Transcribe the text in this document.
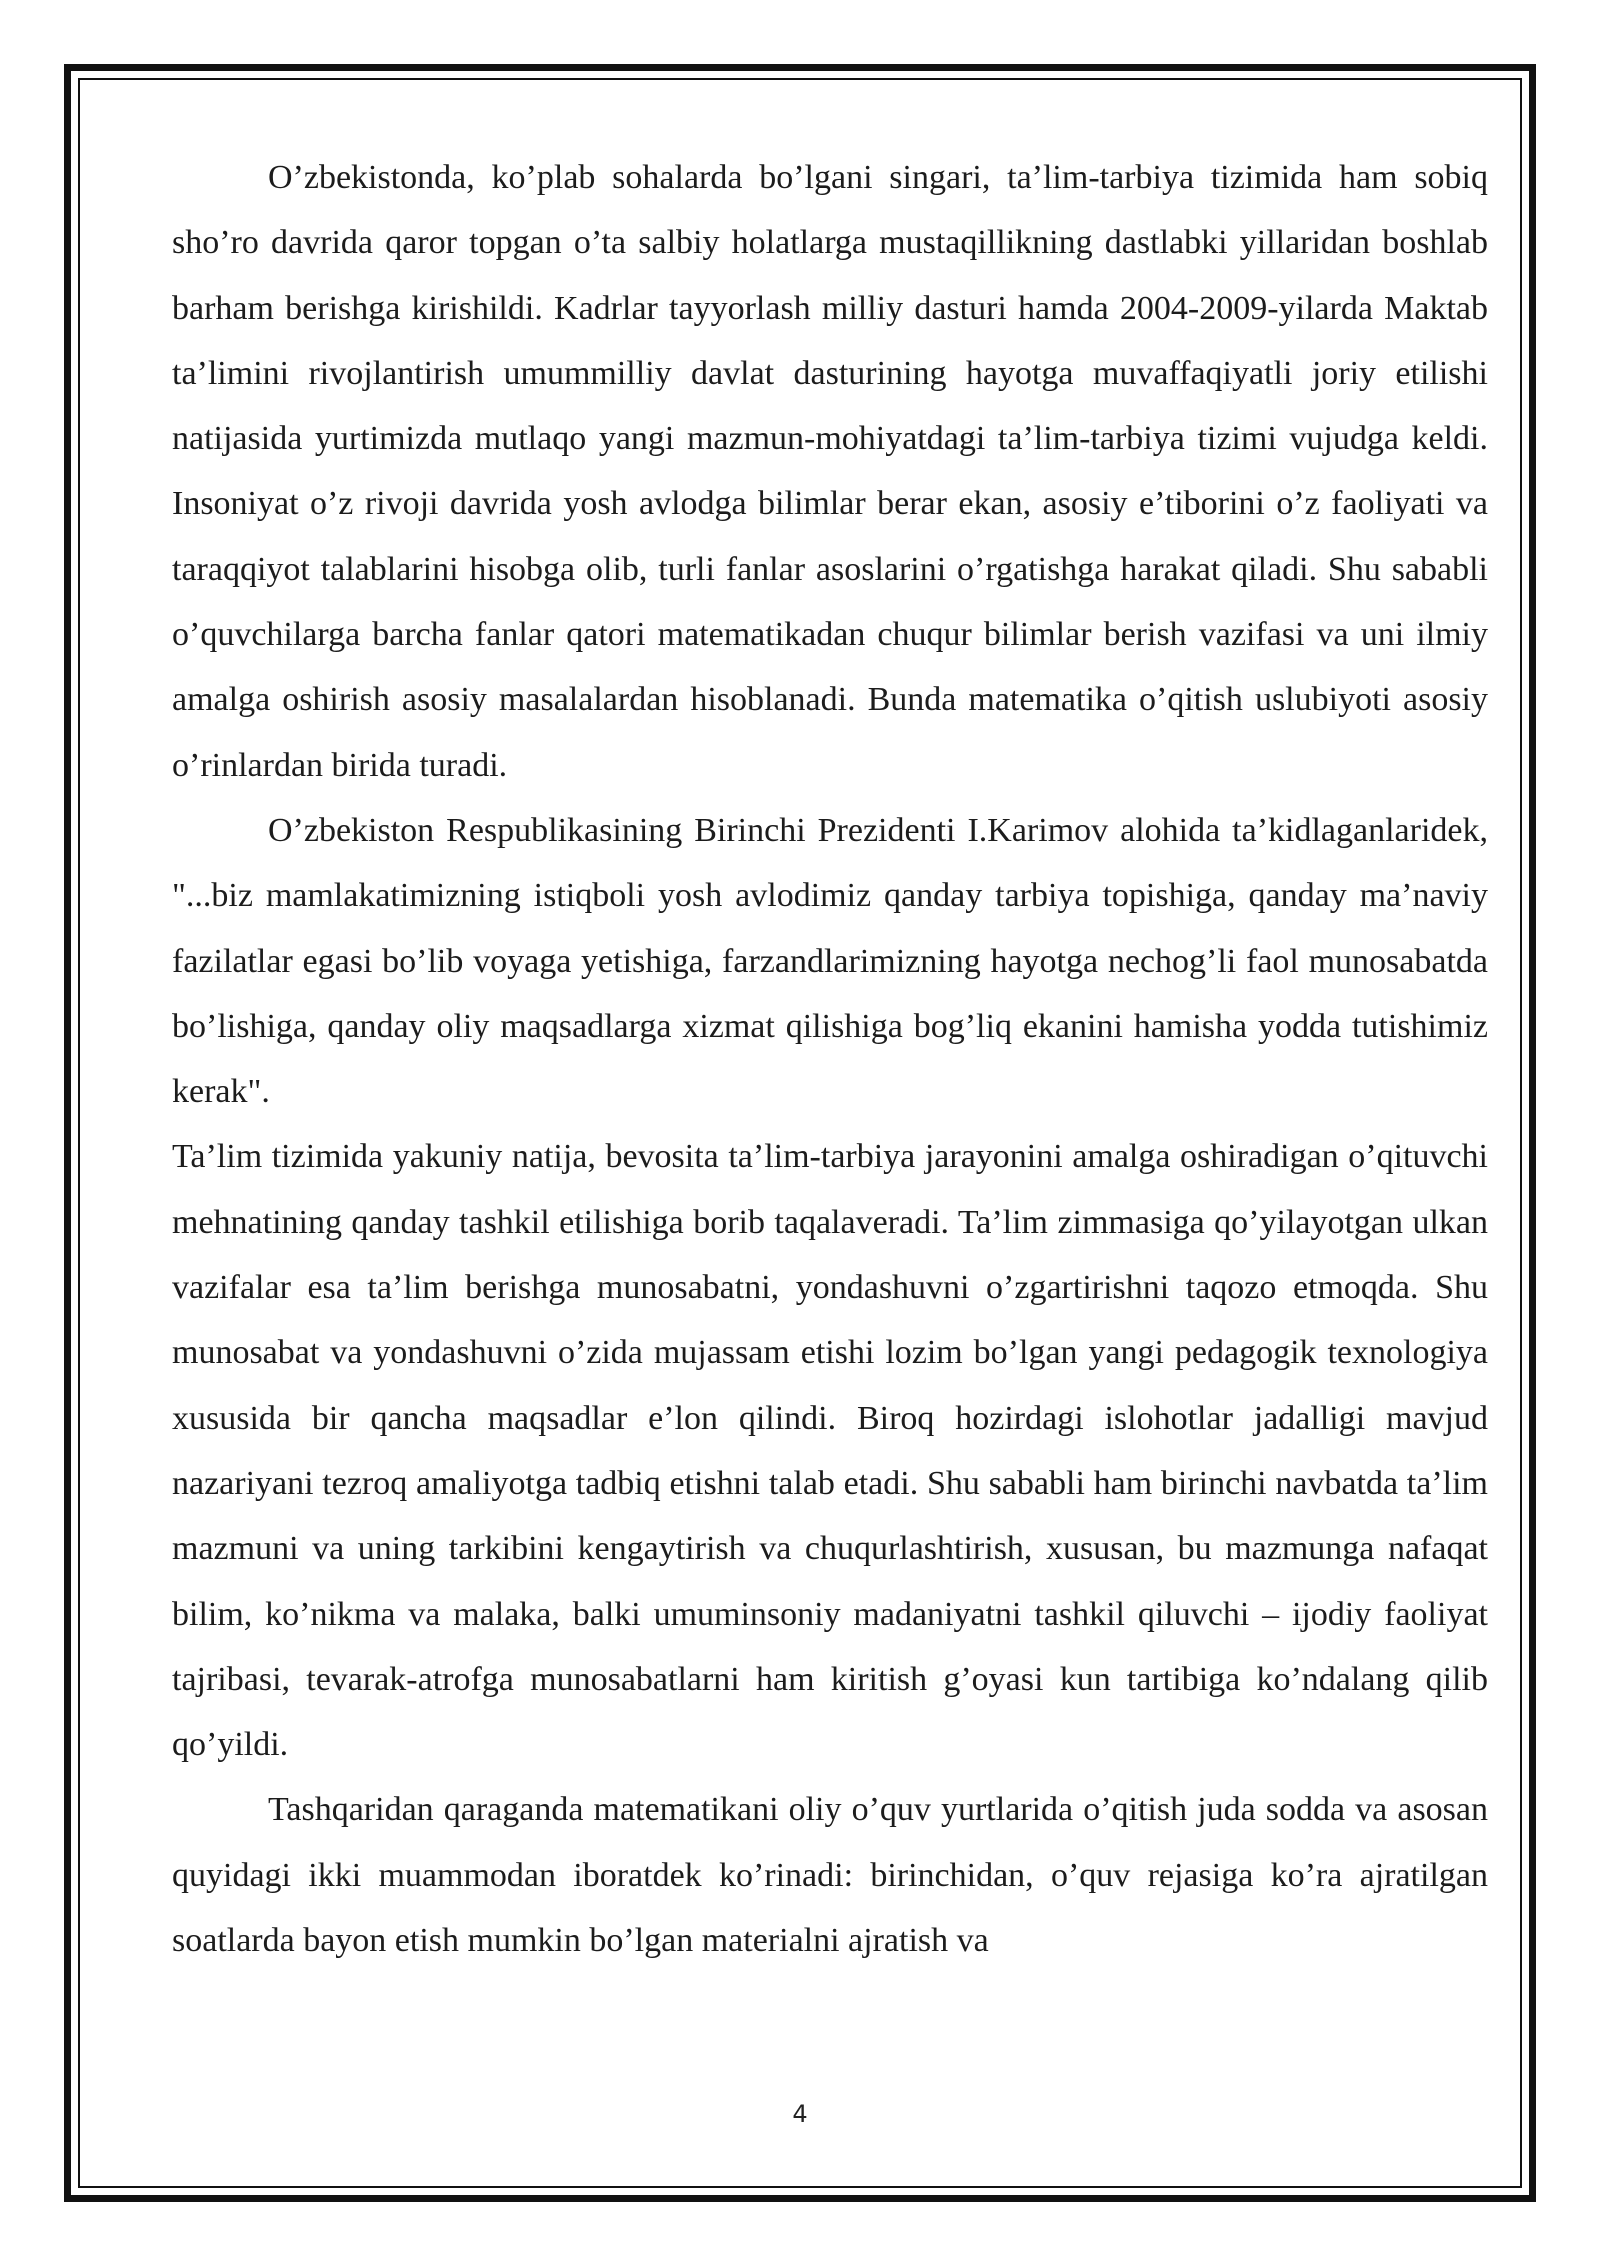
O’zbekistonda, ko’plab sohalarda bo’lgani singari, ta’lim-tarbiya tizimida ham sobiq sho’ro davrida qaror topgan o’ta salbiy holatlarga mustaqillikning dastlabki yillaridan boshlab barham berishga kirishildi. Kadrlar tayyorlash milliy dasturi hamda 2004-2009-yilarda Maktab ta’limini rivojlantirish umummilliy davlat dasturining hayotga muvaffaqiyatli joriy etilishi natijasida yurtimizda mutlaqo yangi mazmun-mohiyatdagi ta’lim-tarbiya tizimi vujudga keldi. Insoniyat o’z rivoji davrida yosh avlodga bilimlar berar ekan, asosiy e’tiborini o’z faoliyati va taraqqiyot talablarini hisobga olib, turli fanlar asoslarini o’rgatishga harakat qiladi. Shu sababli o’quvchilarga barcha fanlar qatori matematikadan chuqur bilimlar berish vazifasi va uni ilmiy amalga oshirish asosiy masalalardan hisoblanadi. Bunda matematika o’qitish uslubiyoti asosiy o’rinlardan birida turadi.

O’zbekiston Respublikasining Birinchi Prezidenti I.Karimov alohida ta’kidlaganlaridek, "...biz mamlakatimizning istiqboli yosh avlodimiz qanday tarbiya topishiga, qanday ma’naviy fazilatlar egasi bo’lib voyaga yetishiga, farzandlarimizning hayotga nechog’li faol munosabatda bo’lishiga, qanday oliy maqsadlarga xizmat qilishiga bog’liq ekanini hamisha yodda tutishimiz kerak".

Ta’lim tizimida yakuniy natija, bevosita ta’lim-tarbiya jarayonini amalga oshiradigan o’qituvchi mehnatining qanday tashkil etilishiga borib taqalaveradi. Ta’lim zimmasiga qo’yilayotgan ulkan vazifalar esa ta’lim berishga munosabatni, yondashuvni o’zgartirishni taqozo etmoqda. Shu munosabat va yondashuvni o’zida mujassam etishi lozim bo’lgan yangi pedagogik texnologiya xususida bir qancha maqsadlar e’lon qilindi. Biroq hozirdagi islohotlar jadalligi mavjud nazariyani tezroq amaliyotga tadbiq etishni talab etadi. Shu sababli ham birinchi navbatda ta’lim mazmuni va uning tarkibini kengaytirish va chuqurlashtirish, xususan, bu mazmunga nafaqat bilim, ko’nikma va malaka, balki umuminsoniy madaniyatni tashkil qiluvchi – ijodiy faoliyat tajribasi, tevarak-atrofga munosabatlarni ham kiritish g’oyasi kun tartibiga ko’ndalang qilib qo’yildi.

Tashqaridan qaraganda matematikani oliy o’quv yurtlarida o’qitish juda sodda va asosan quyidagi ikki muammodan iboratdek ko’rinadi: birinchidan, o’quv rejasiga ko’ra ajratilgan soatlarda bayon etish mumkin bo’lgan materialni ajratish va

4
